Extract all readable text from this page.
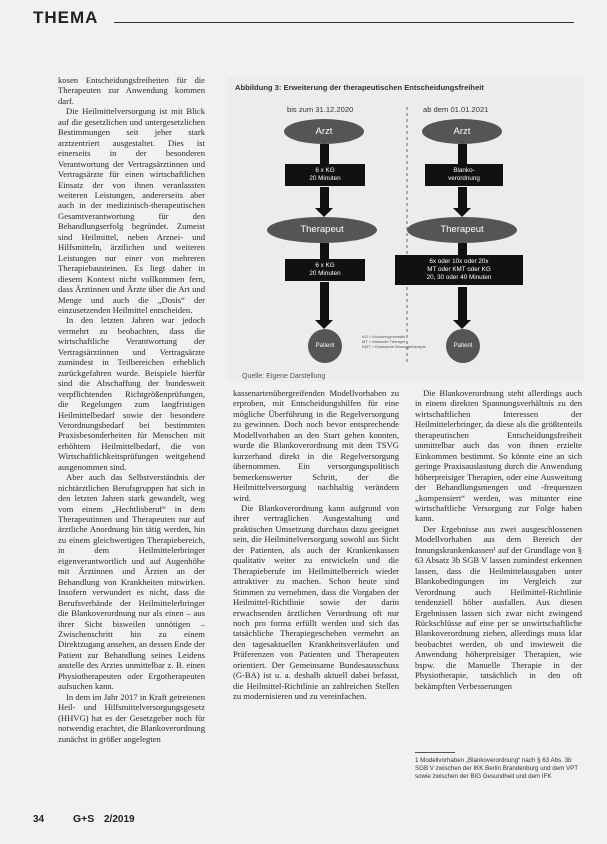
THEMA

kosen Entscheidungsfreiheiten für die Therapeuten zur Anwendung kommen darf.

Die Heilmittelversorgung ist mit Blick auf die gesetzlichen und untergesetzlichen Bestimmungen seit jeher stark arztzentriert ausgestaltet. Dies ist einerseits in der besonderen Verantwortung der Vertragsärztinnen und Vertragsärzte für einen wirtschaftlichen Einsatz der von ihnen veranlassten weiteren Leistungen, andererseits aber auch in der medizinisch-therapeutischen Gesamtverantwortung für den Behandlungserfolg begründet. Zumeist sind Heilmittel, neben Arznei- und Hilfsmitteln, ärztlichen und weiteren Leistungen nur einer von mehreren Therapiebausteinen. Es liegt daher in diesem Kontext nicht vollkommen fern, dass Ärztinnen und Ärzte über die Art und Menge und auch die „Dosis“ der einzusetzenden Heilmittel entscheiden.

In den letzten Jahren war jedoch vermehrt zu beobachten, dass die wirtschaftliche Verantwortung der Vertragsärztinnen und Vertragsärzte zumindest in Teilbereichen erheblich zurückgefahren wurde. Beispiele hierfür sind die Abschaffung der bundesweit verpflichtenden Richtgrößenprüfungen, die Regelungen zum langfristigen Heilmittelbedarf sowie der besondere Verordnungsbedarf bei bestimmten Praxisbesonderheiten für Menschen mit erhöhtem Heilmittelbedarf, die von Wirtschaftlichkeitsprüfungen weitgehend ausgenommen sind.

Aber auch das Selbstverständnis der nichtärztlichen Berufsgruppen hat sich in den letzten Jahren stark gewandelt, weg vom einem „Hechtlisberuf“ in dem Therapeutinnen und Therapeuten nur auf ärztliche Anordnung hin tätig werden, hin zu einem gleichwertigen Therapiebereich, in dem Heilmittelerbringer eigenverantwortlich und auf Augenhöhe mit Ärztinnen und Ärzten an der Behandlung von Krankheiten mitwirken. Insofern verwundert es nicht, dass die Berufsverbände der Heilmittelerbringer die Blankoverordnung nur als einen – aus ihrer Sicht bisweilen unnötigen – Zwischenschritt hin zu einem Direktzugang ansehen, an dessen Ende der Patient zur Behandlung seines Leidens anstelle des Arztes unmittelbar z. B. einen Physiotherapeuten oder Ergotherapeuten aufsuchen kann.

In dem im Jahr 2017 in Kraft getretenen Heil- und Hilfsmittelversorgungsgesetz (HHVG) hat es der Gesetzgeber noch für notwendig erachtet, die Blankoverordnung zunächst in größer angelegten

Abbildung 3: Erweiterung der therapeutischen Entscheidungsfreiheit
bis zum 31.12.2020	ab dem 01.01.2021
Arzt
6 x KG
20 Minuten
Therapeut
6 x KG
20 Minuten
Patient
KG = Krankengymnastik
MT = Manuelle Therapie
KMT = Klassische Massagetherapie
Arzt
Blanko-
verordnung
Therapeut
6x oder 10x oder 20x
MT oder KMT oder KG
20, 30 oder 40 Minuten
Patient
Quelle: Eigene Darstellung

kassenartenübergreifenden Modellvorhaben zu erproben, mit Entscheidungshilfen für eine mögliche Überführung in die Regelversorgung zu gewinnen. Doch noch bevor entsprechende Modellvorhaben an den Start gehen konnten, wurde die Blankoverordnung mit dem TSVG kurzerhand direkt in die Regelversorgung übernommen. Ein versorgungspolitisch bemerkenswerter Schritt, der die Heilmittelversorgung nachhaltig verändern wird.

Die Blankoverordnung kann aufgrund von ihrer vertraglichen Ausgestaltung und praktischen Umsetzung durchaus dazu geeignet sein, die Heilmittelversorgung sowohl aus Sicht der Patienten, als auch der Krankenkassen qualitativ weiter zu entwickeln und die Therapieberufe im Heilmittelbereich wieder attraktiver zu machen. Schon heute sind Stimmen zu vernehmen, dass die Vorgaben der Heilmittel-Richtlinie sowie der darin erwachsenden ärztlichen Verordnung oft nur noch pro forma erfüllt werden und sich das tatsächliche Therapiegeschehen vermehrt an den tagesaktuellen Krankheitsverläufen und Präferenzen von Patienten und Therapeuten orientiert. Der Gemeinsame Bundesausschuss (G-BA) ist u. a. deshalb aktuell dabei befasst, die Heilmittel-Richtlinie an zahlreichen Stellen zu modernisieren und zu vereinfachen.

Die Blankoverordnung steht allerdings auch in einem direkten Spannungsverhältnis zu den wirtschaftlichen Interessen der Heilmittelerbringer, da diese als die größtenteils therapeutischen Entscheidungsfreiheit unmittelbar auch das von ihnen erzielte Einkommen bestimmt. So könnte eine an sich geringe Praxisauslastung durch die Anwendung höherpreisiger Therapien, oder eine Ausweitung der Behandlungsmengen und -frequenzen „kompensiert“ werden, was mitunter eine wirtschaftliche Versorgung zur Folge haben kann.

Der Ergebnisse aus zwei ausgeschlossenen Modellvorhaben aus dem Bereich der Innungskrankenkassen¹ auf der Grundlage von § 63 Absatz 3b SGB V lassen zumindest erkennen lassen, dass die Heilmittelausgaben unter Blankobedingungen im Vergleich zur Verordnung auch Heilmittel-Richtlinie tendenziell höher ausfallen. Aus diesen Ergebnissen lassen sich zwar nicht zwingend Rückschlüsse auf eine per se unwirtschaftliche Blankoverordnung ziehen, allerdings muss klar beobachtet werden, ob und inwieweit die Anwendung höherpreisiger Therapien, wie bspw. die Manuelle Therapie in der Physiotherapie, tatsächlich in den oft bekämpften Verbesserungen

1 Modellvorhaben „Blankoverordnung“ nach § 63 Abs. 3b SGB V zwischen der IKK Berlin Brandenburg und dem VPT sowie zwischen der BIG Gesundheit und dem IFK
34	G+S 2/2019
